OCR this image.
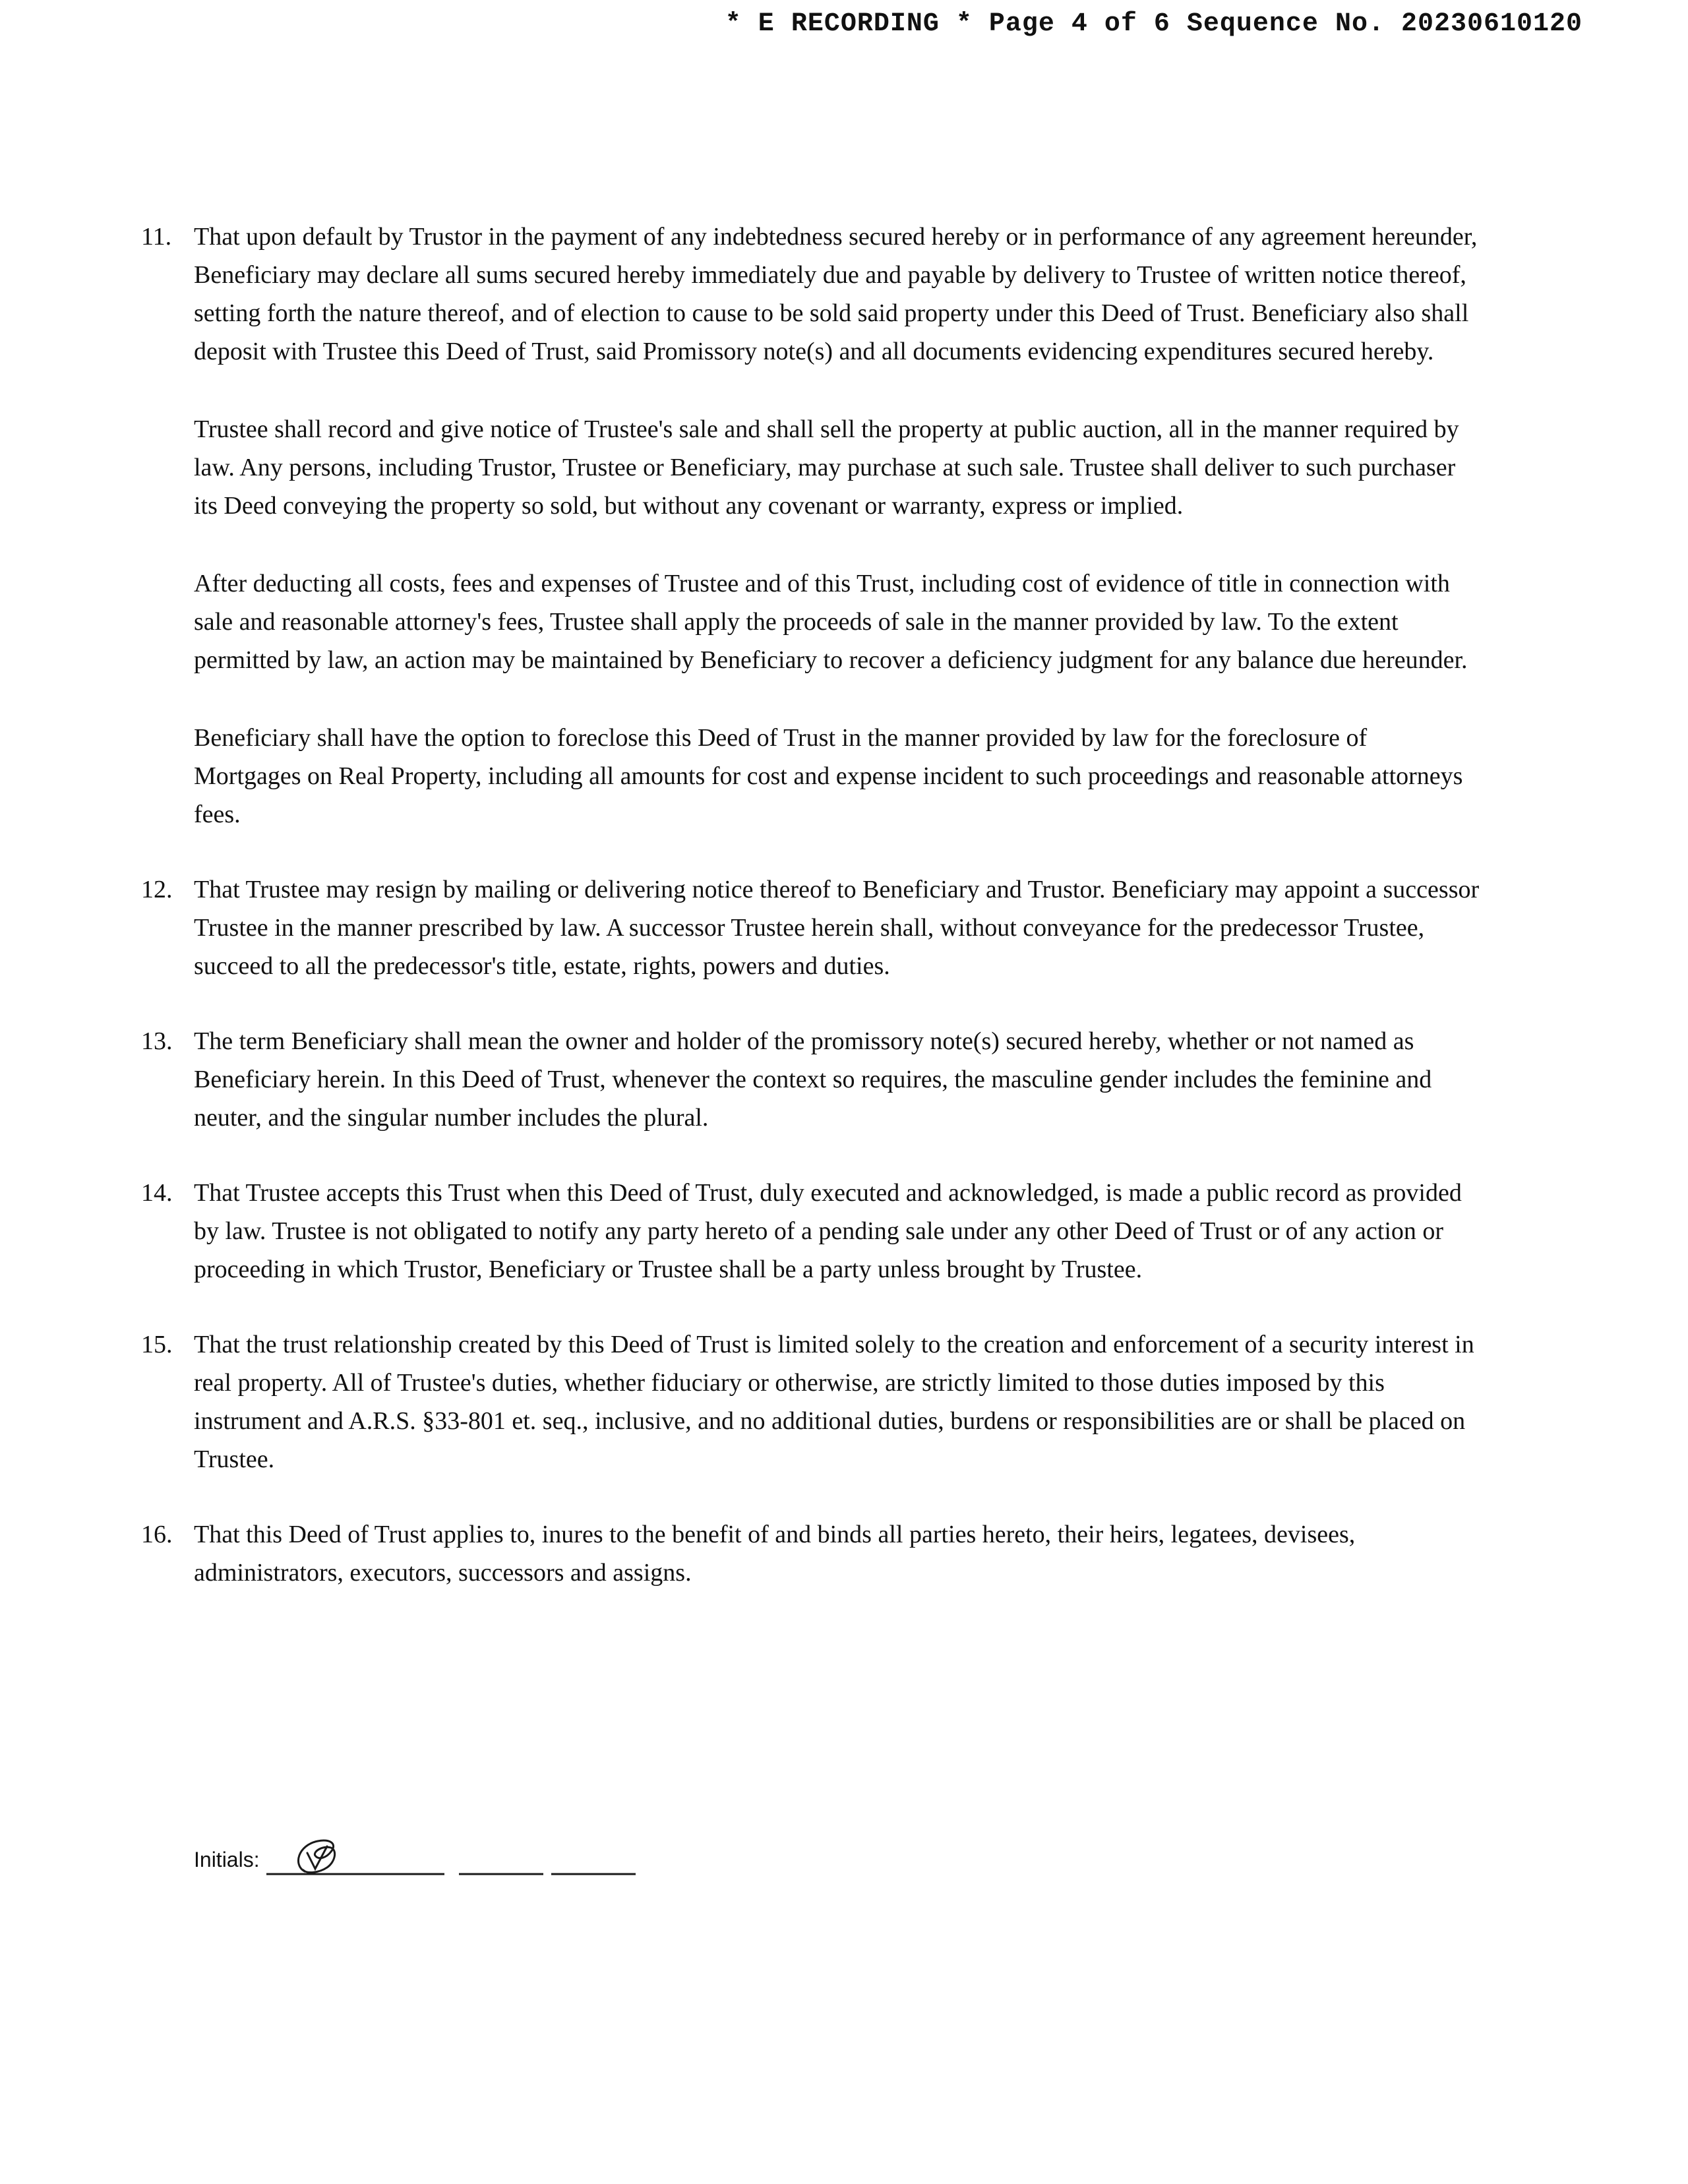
* E RECORDING * Page 4 of 6 Sequence No. 20230610120
11. That upon default by Trustor in the payment of any indebtedness secured hereby or in performance of any agreement hereunder, Beneficiary may declare all sums secured hereby immediately due and payable by delivery to Trustee of written notice thereof, setting forth the nature thereof, and of election to cause to be sold said property under this Deed of Trust. Beneficiary also shall deposit with Trustee this Deed of Trust, said Promissory note(s) and all documents evidencing expenditures secured hereby.
Trustee shall record and give notice of Trustee's sale and shall sell the property at public auction, all in the manner required by law. Any persons, including Trustor, Trustee or Beneficiary, may purchase at such sale. Trustee shall deliver to such purchaser its Deed conveying the property so sold, but without any covenant or warranty, express or implied.
After deducting all costs, fees and expenses of Trustee and of this Trust, including cost of evidence of title in connection with sale and reasonable attorney's fees, Trustee shall apply the proceeds of sale in the manner provided by law. To the extent permitted by law, an action may be maintained by Beneficiary to recover a deficiency judgment for any balance due hereunder.
Beneficiary shall have the option to foreclose this Deed of Trust in the manner provided by law for the foreclosure of Mortgages on Real Property, including all amounts for cost and expense incident to such proceedings and reasonable attorneys fees.
12. That Trustee may resign by mailing or delivering notice thereof to Beneficiary and Trustor. Beneficiary may appoint a successor Trustee in the manner prescribed by law. A successor Trustee herein shall, without conveyance for the predecessor Trustee, succeed to all the predecessor's title, estate, rights, powers and duties.
13. The term Beneficiary shall mean the owner and holder of the promissory note(s) secured hereby, whether or not named as Beneficiary herein. In this Deed of Trust, whenever the context so requires, the masculine gender includes the feminine and neuter, and the singular number includes the plural.
14. That Trustee accepts this Trust when this Deed of Trust, duly executed and acknowledged, is made a public record as provided by law. Trustee is not obligated to notify any party hereto of a pending sale under any other Deed of Trust or of any action or proceeding in which Trustor, Beneficiary or Trustee shall be a party unless brought by Trustee.
15. That the trust relationship created by this Deed of Trust is limited solely to the creation and enforcement of a security interest in real property. All of Trustee's duties, whether fiduciary or otherwise, are strictly limited to those duties imposed by this instrument and A.R.S. §33-801 et. seq., inclusive, and no additional duties, burdens or responsibilities are or shall be placed on Trustee.
16. That this Deed of Trust applies to, inures to the benefit of and binds all parties hereto, their heirs, legatees, devisees, administrators, executors, successors and assigns.
Initials:
